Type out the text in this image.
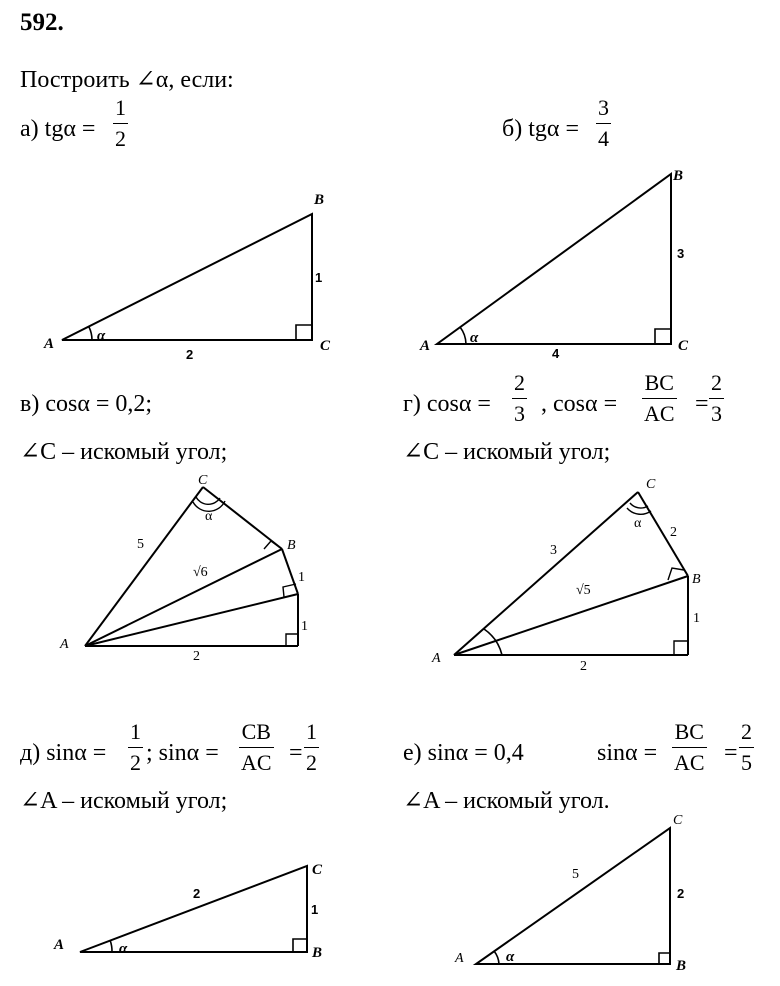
592.
Построить ∠α, если:
а) tgα =
1
2	б) tgα =
3
4
в) cosα = 0,2;
∠C – искомый угол;
г) cosα =
2
3 , cosα =
BC
AC =
2
3
∠C – искомый угол;
д) sinα =
1
2 ; sinα =
CB
AC =
1
2
∠A – искомый угол;
е) sinα = 0,4	sinα =
BC
AC =
2
5
∠A – искомый угол.
A
B
C
1
2
α
A
B
C
3
4
α
A
C
B
5
√6	1
1
2
α
A
C
B
3
2
√5
1
2
α
A
C
B
2
1
α
A
C
B
5
2
α
